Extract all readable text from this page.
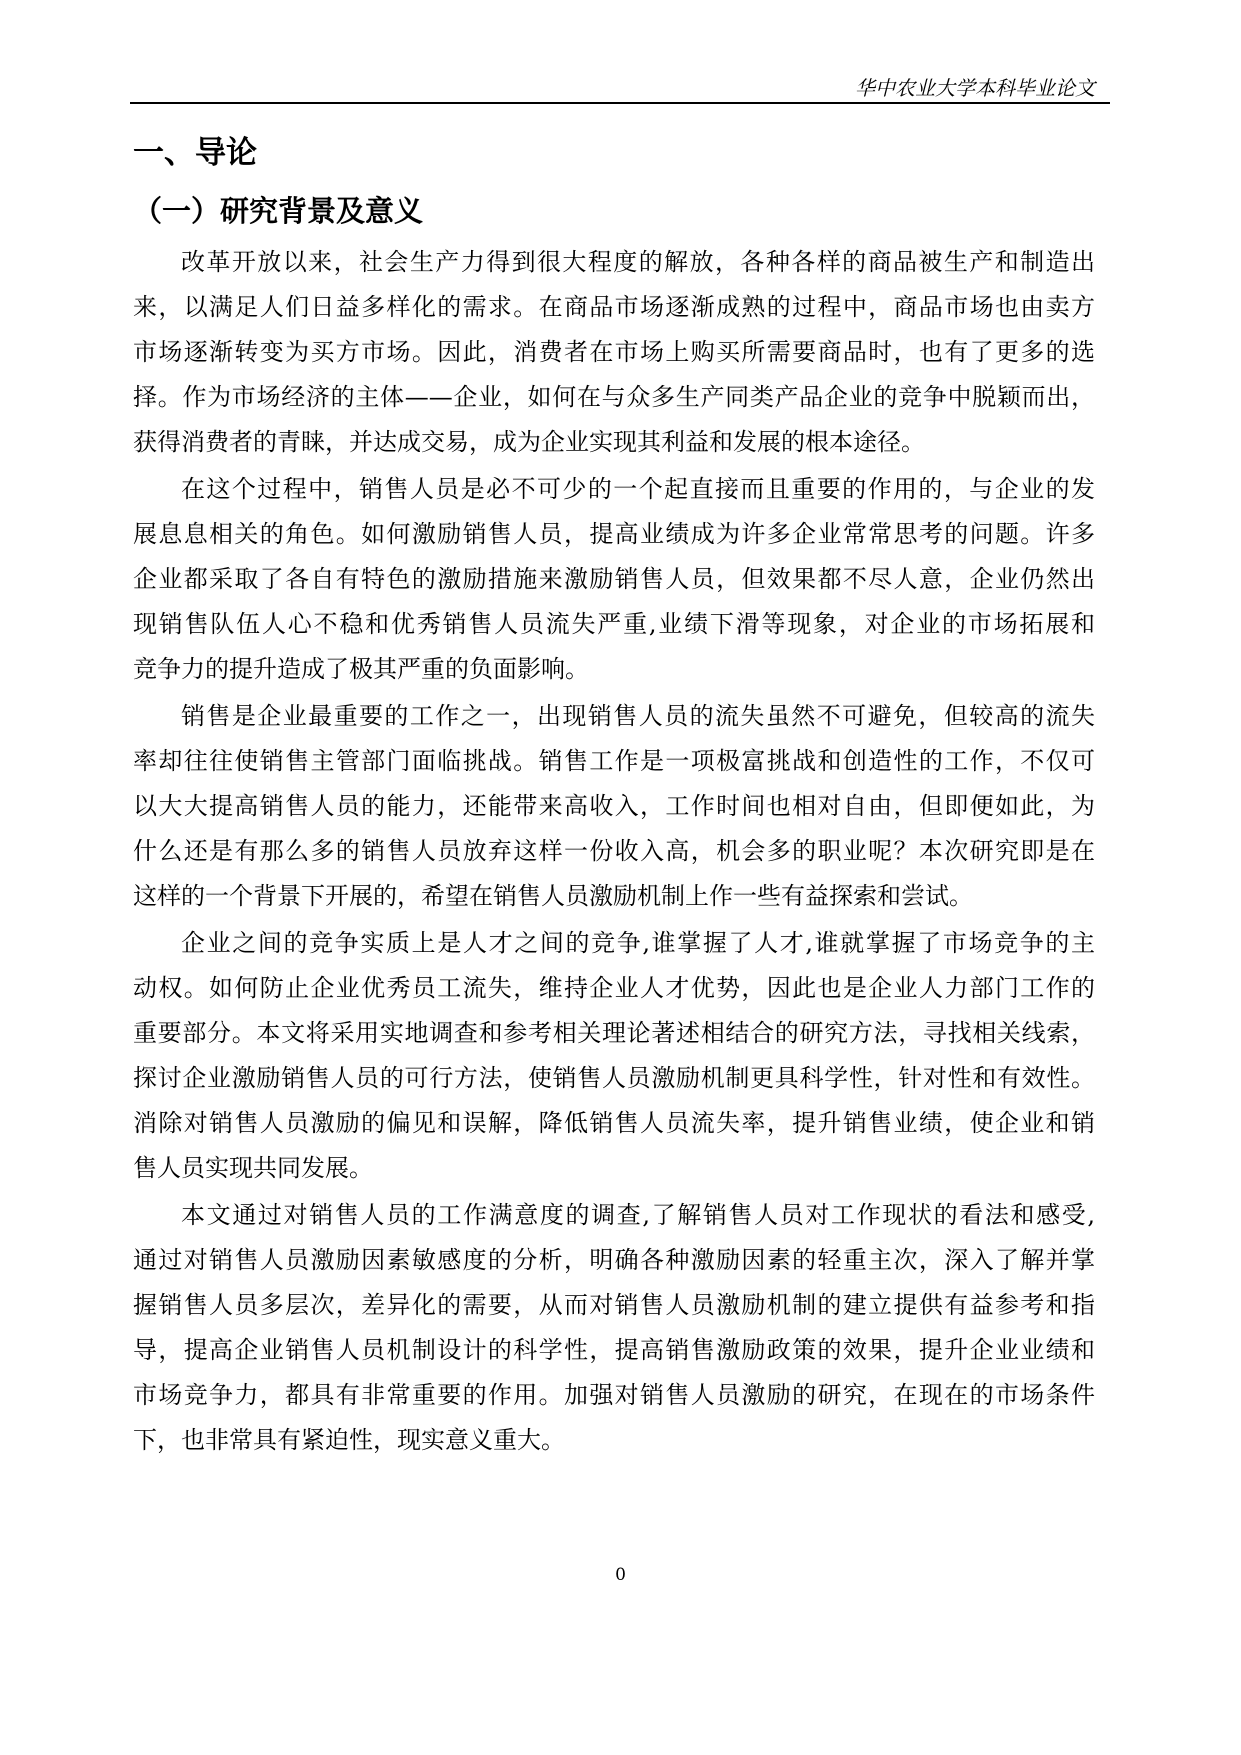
华中农业大学本科毕业论文
一、导论
（一）研究背景及意义
改革开放以来，社会生产力得到很大程度的解放，各种各样的商品被生产和制造出
来，以满足人们日益多样化的需求。在商品市场逐渐成熟的过程中，商品市场也由卖方
市场逐渐转变为买方市场。因此，消费者在市场上购买所需要商品时，也有了更多的选
择。作为市场经济的主体——企业，如何在与众多生产同类产品企业的竞争中脱颖而出，
获得消费者的青睐，并达成交易，成为企业实现其利益和发展的根本途径。
在这个过程中，销售人员是必不可少的一个起直接而且重要的作用的，与企业的发
展息息相关的角色。如何激励销售人员，提高业绩成为许多企业常常思考的问题。许多
企业都采取了各自有特色的激励措施来激励销售人员，但效果都不尽人意，企业仍然出
现销售队伍人心不稳和优秀销售人员流失严重,业绩下滑等现象，对企业的市场拓展和
竞争力的提升造成了极其严重的负面影响。
销售是企业最重要的工作之一，出现销售人员的流失虽然不可避免，但较高的流失
率却往往使销售主管部门面临挑战。销售工作是一项极富挑战和创造性的工作，不仅可
以大大提高销售人员的能力，还能带来高收入，工作时间也相对自由，但即便如此，为
什么还是有那么多的销售人员放弃这样一份收入高，机会多的职业呢？本次研究即是在
这样的一个背景下开展的，希望在销售人员激励机制上作一些有益探索和尝试。
企业之间的竞争实质上是人才之间的竞争,谁掌握了人才,谁就掌握了市场竞争的主
动权。如何防止企业优秀员工流失，维持企业人才优势，因此也是企业人力部门工作的
重要部分。本文将采用实地调查和参考相关理论著述相结合的研究方法，寻找相关线索，
探讨企业激励销售人员的可行方法，使销售人员激励机制更具科学性，针对性和有效性。
消除对销售人员激励的偏见和误解，降低销售人员流失率，提升销售业绩，使企业和销
售人员实现共同发展。
本文通过对销售人员的工作满意度的调查,了解销售人员对工作现状的看法和感受,
通过对销售人员激励因素敏感度的分析，明确各种激励因素的轻重主次，深入了解并掌
握销售人员多层次，差异化的需要，从而对销售人员激励机制的建立提供有益参考和指
导，提高企业销售人员机制设计的科学性，提高销售激励政策的效果，提升企业业绩和
市场竞争力，都具有非常重要的作用。加强对销售人员激励的研究，在现在的市场条件
下，也非常具有紧迫性，现实意义重大。
0
